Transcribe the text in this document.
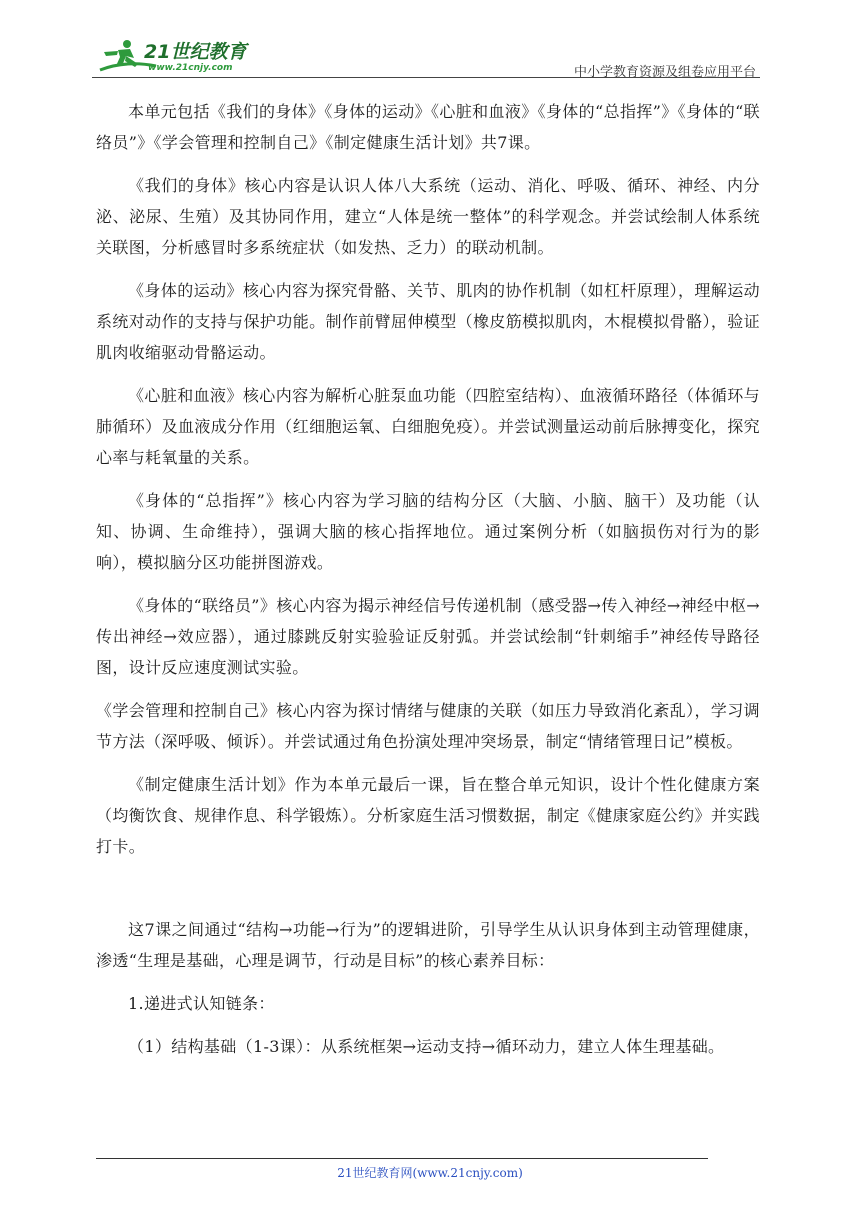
21世纪教育
www.21cnjy.com	中小学教育资源及组卷应用平台

本单元包括《我们的身体》《身体的运动》《心脏和血液》《身体的“总指挥”》《身体的“联络员”》《学会管理和控制自己》《制定健康生活计划》共7课。

《我们的身体》核心内容是认识人体八大系统（运动、消化、呼吸、循环、神经、内分泌、泌尿、生殖）及其协同作用，建立“人体是统一整体”的科学观念。并尝试绘制人体系统关联图，分析感冒时多系统症状（如发热、乏力）的联动机制。

《身体的运动》核心内容为探究骨骼、关节、肌肉的协作机制（如杠杆原理），理解运动系统对动作的支持与保护功能。制作前臂屈伸模型（橡皮筋模拟肌肉，木棍模拟骨骼），验证肌肉收缩驱动骨骼运动。

《心脏和血液》核心内容为解析心脏泵血功能（四腔室结构）、血液循环路径（体循环与肺循环）及血液成分作用（红细胞运氧、白细胞免疫）。并尝试测量运动前后脉搏变化，探究心率与耗氧量的关系。

《身体的“总指挥”》核心内容为学习脑的结构分区（大脑、小脑、脑干）及功能（认知、协调、生命维持），强调大脑的核心指挥地位。通过案例分析（如脑损伤对行为的影响），模拟脑分区功能拼图游戏。

《身体的“联络员”》核心内容为揭示神经信号传递机制（感受器→传入神经→神经中枢→传出神经→效应器），通过膝跳反射实验验证反射弧。并尝试绘制“针刺缩手”神经传导路径图，设计反应速度测试实验。

《学会管理和控制自己》核心内容为探讨情绪与健康的关联（如压力导致消化紊乱），学习调节方法（深呼吸、倾诉）。并尝试通过角色扮演处理冲突场景，制定“情绪管理日记”模板。

《制定健康生活计划》作为本单元最后一课，旨在整合单元知识，设计个性化健康方案（均衡饮食、规律作息、科学锻炼）。分析家庭生活习惯数据，制定《健康家庭公约》并实践打卡。

这7课之间通过“结构→功能→行为”的逻辑进阶，引导学生从认识身体到主动管理健康，渗透“生理是基础，心理是调节，行动是目标”的核心素养目标：

1.递进式认知链条：

（1）结构基础（1-3课）：从系统框架→运动支持→循环动力，建立人体生理基础。

21世纪教育网(www.21cnjy.com)
